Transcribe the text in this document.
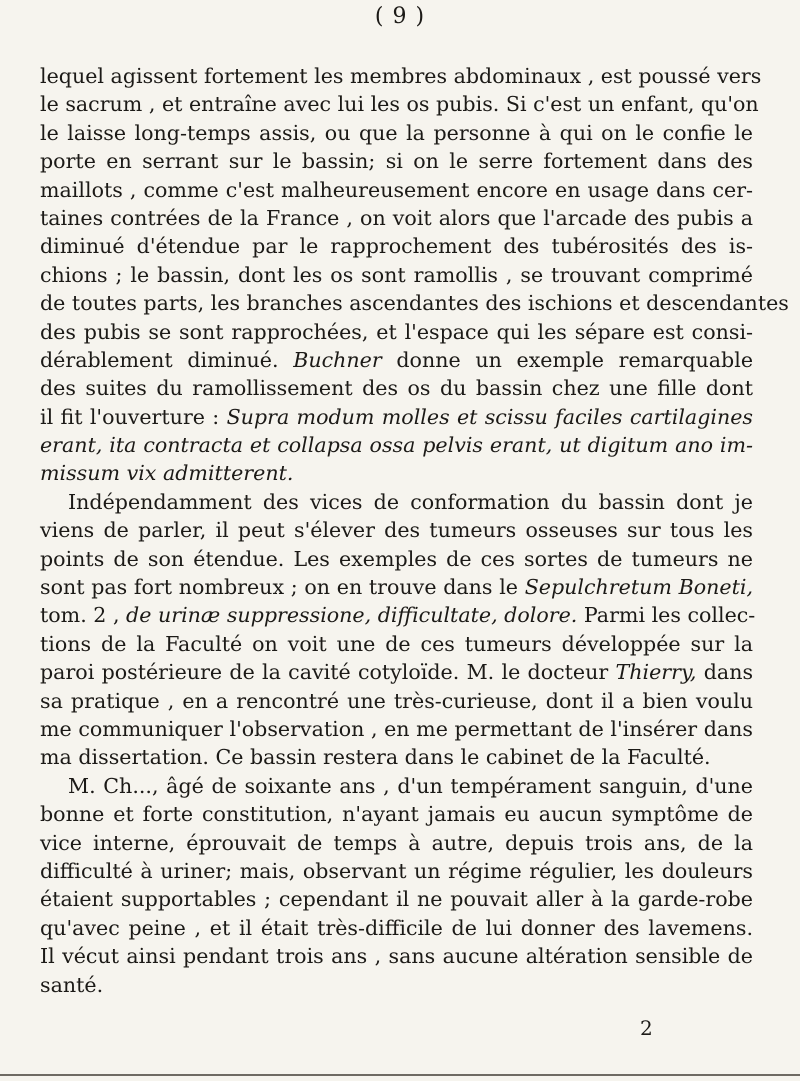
( 9 )
lequel agissent fortement les membres abdominaux , est poussé vers
le sacrum , et entraîne avec lui les os pubis. Si c'est un enfant, qu'on
le laisse long-temps assis, ou que la personne à qui on le confie le
porte en serrant sur le bassin; si on le serre fortement dans des
maillots , comme c'est malheureusement encore en usage dans cer-
taines contrées de la France , on voit alors que l'arcade des pubis a
diminué d'étendue par le rapprochement des tubérosités des is-
chions ; le bassin, dont les os sont ramollis , se trouvant comprimé
de toutes parts, les branches ascendantes des ischions et descendantes
des pubis se sont rapprochées, et l'espace qui les sépare est consi-
dérablement diminué. Buchner donne un exemple remarquable
des suites du ramollissement des os du bassin chez une fille dont
il fit l'ouverture : Supra modum molles et scissu faciles cartilagines
erant, ita contracta et collapsa ossa pelvis erant, ut digitum ano im-
missum vix admitterent.
Indépendamment des vices de conformation du bassin dont je
viens de parler, il peut s'élever des tumeurs osseuses sur tous les
points de son étendue. Les exemples de ces sortes de tumeurs ne
sont pas fort nombreux ; on en trouve dans le Sepulchretum Boneti,
tom. 2 , de urinæ suppressione, difficultate, dolore. Parmi les collec-
tions de la Faculté on voit une de ces tumeurs développée sur la
paroi postérieure de la cavité cotyloïde. M. le docteur Thierry, dans
sa pratique , en a rencontré une très-curieuse, dont il a bien voulu
me communiquer l'observation , en me permettant de l'insérer dans
ma dissertation. Ce bassin restera dans le cabinet de la Faculté.
M. Ch..., âgé de soixante ans , d'un tempérament sanguin, d'une
bonne et forte constitution, n'ayant jamais eu aucun symptôme de
vice interne, éprouvait de temps à autre, depuis trois ans, de la
difficulté à uriner; mais, observant un régime régulier, les douleurs
étaient supportables ; cependant il ne pouvait aller à la garde-robe
qu'avec peine , et il était très-difficile de lui donner des lavemens.
Il vécut ainsi pendant trois ans , sans aucune altération sensible de
santé.
2
